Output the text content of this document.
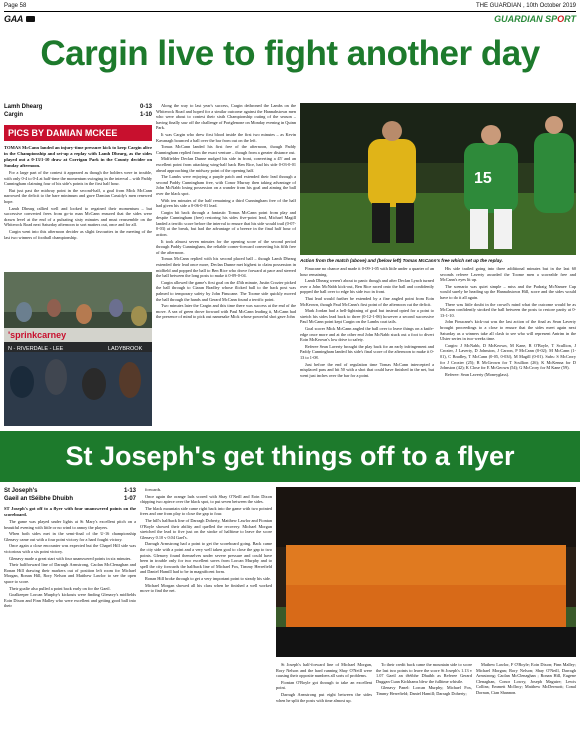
Page 58	THE GUARDIAN , 10th October 2019
GAA	GUARDIAN SPORT
Cargin live to fight another day
Lamh Dhearg	0-13
Cargin	1-10
PICS BY DAMIAN MCKEE
TOMAS McCann landed an injury-time pressure kick to keep Cargin alive in the Championship and set-up a replay with Lamh Dhearg, as the sides played out a 0-13/1-10 draw at Corrigan Park in the County decider on Sunday afternoon.

For a large part of the contest it appeared as though the holders were in trouble, with only 0-4 to 0-4 at half-time the momentum swinging in the interval – with Paddy Cunningham claiming four of his side's points in the first half hour.

But just past the midway point in the second-half, a goal from Mick McCann narrowed the deficit to the bare minimum and gave Damian Cassidy's men renewed hope.

Lamh Dhearg rallied well and looked to regained their momentum – but successive converted frees from go-to man McCann ensured that the sides were drawn level at the end of a pulsating sixty minutes and must reassemble on the Whiterock Road next Saturday afternoon to sort matters out, once and for all.

Cargin went into this afternoon decider as slight favourites in the meeting of the last two winners of football championship.

'sprinkcarney
N - RIVERDALE - LEE	LADYBROOK

Along the way to last year's success, Cargin dethroned the Lambs on the Whiterock Road and hoped for a similar outcome against the Hannahstown men who were about to contest their sixth Championship outing of the season – having finally saw off the challenge of Portglenone on Monday evening in Quinn Park.

It was Cargin who drew first blood inside the first two minutes – as Kevin Kavanagh bounced a ball over the bar from out on the left.

Tomas McCann landed his first free of the afternoon, though Paddy Cunningham replied from the exact venture – though from a greater distance out.

Midfielder Declan Dunne nudged his side in front, converting a 45' and an excellent point from attacking wing-half back Ben Rice, had his side 0-03-0-01 ahead approaching the midway point of the opening half.

The Lambs were enjoying a purple patch and extended their lead through a second Paddy Cunningham free, with Conor Murray then taking advantage of John McNabb losing possession on a wander from his goal and aiming the ball over the black spot.

With ten minutes of the half remaining a third Cunningham free of the half had given his side a 0-06-0-01 lead.

Cargin hit back through a fantastic Tomas McCann point from play and despite Cunningham (free) restoring his sides five-point lead, Michael Magill landed a terrific score before the interval to ensure that his side would trail (0-07-0-03) at the break, but had the advantage of a breeze in the final half hour of action.

It took almost seven minutes for the opening score of the second period through Paddy Cunningham, the reliable corner-forward converting his fifth free of the afternoon.

Tomas McCann replied with his second placed ball – though Lamh Dhearg extended their lead once more, Declan Dunne met highest to claim possession in midfield and popped the ball to Ben Rice who drove forward at pace and steered the ball between the long posts to make it 0-09-0-04.

Cargin allowed the game's first goal on the 45th minute, Justin Crozier picked the ball through to Ciaran Bradley whose flicked ball to the back post was palmed to temporary safety by John Finucane. The Toome side quickly moved the ball through the hands and Gerard McCann found a terrific point.

Two minutes later the Cargin and this time there was success at the end of the move. A sea of green drove forward with Paul McCann leading it, McCann had the presence of mind to pick out namesake Mick whose powerful shot gave John

15
Action from the match (above) and (below left) Tomas McCann's free which set up the replay.

Finucane no chance and made it 0-09-1-05 with little under a quarter of an hour remaining.

Lamh Dhearg weren't about to panic though and after Declan Lynch turned over a John McNabb kick-out, Ben Rice raced onto the ball and confidently popped the ball over to edge his side two in front.

That lead would further be extended by a fine angled point from Eoin McKeown, though Paul McCann's first point of the afternoon cut the deficit.

Mark Jordan had a hell-lightning of goal but instead opted for a point to stretch his sides lead back to three (0-12-1-06) however a second successive Paul McCann point kept Cargin on the Lambs coat tails.

Goal scorer Mick McCann angled the ball over to leave things on a knife-edge once more and at the other end John McNabb stuck out a foot to divert Eoin McKeown's low drive to safety.

Referee Sean Laverty brought the play back for an early infringement and Paddy Cunningham landed his side's final score of the afternoon to make it 0-13 to 1-08.

Just before the end of regulation time Tomas McCann intercepted a misplaced pass and hit 50 with a shot that could have finished in the net, but went just inches over the bar for a point.

His side trailed going into three additional minutes but in the last 60 seconds referee Laverty awarded the Toome men a scoreable free and McCann's eyes lit up.

The scenario was quiet simple – miss and the Padraig McNamee Cup would surely be heading up the Hannahstown Hill, score and the sides would have to do it all again.

There was little doubt in the crowd's mind what the outcome would be as McCann confidently stroked the ball between the posts to restore parity at 0-13-1-10.

John Finucane's kick-out was the last action of the final as Sean Laverty brought proceedings to a close to ensure that the sides meet again next Saturday as a winners take all clash to see who will represent Antrim in the Ulster series in two-weeks time.

Cargin: J McNabb, D McKeown, M Kane, R O'Boyle, T Scullion, J Crozier, J Laverty, D Johnston, J Carron, P McCann (0-02); M McCann (1-01), C Bradley, T McCann (0-05, 0-03f), M Magill (0-01). Subs: S McCrory for J Crozier (25); R McGeown for T Scullion (26); K McKenna for D Johnston (42); K Close for E McGeown (54); G McCrory for M Kane (59).

Referee: Sean Laverty (Moneyglass).

St Joseph's get things off to a flyer
St Joseph's	1-13
Gaeil an tSéibhe Dhuibh	1-07
ST Joseph's got off to a flyer with four unanswered points on the scoreboard.

The game was played under lights at St Mary's excellent pitch on a beautiful evening with little or no wind to annoy the players.

When both sides met in the semi-final of the U-16 championship Glenavy came out with a four point victory for a hard fought victory.

Once again a close encounter was expected but the Chapel Hill side was victorious with a six point victory.

Glenavy made a great start with four unanswered points in six minutes.

Their halfforward line of Darragh Armstrong, Caolan McClenaghan and Ronan Hill drawing their markers out of position left room for Michael Morgan, Ronan Hill, Rory Nelson and Matthew Lawlor to see the open space to score.

Their goalie also pulled a point back early on for the Gaeil.

Goalkeeper Lorcan Murphy's kickouts were finding Glenavy's midfields Eoin Dixon and Finn Malley who were excellent and getting good ball into their

forwards.

Once again the orange lads scored with Shay O'Neill and Eoin Dixon chipping two apiece over the black spot, to put seven between the sides.

The black mountain side came right back into the game with two pointed frees and one from play to close the gap to four.

The hill's halfback line of Darragh Doherty, Matthew Lawlor and Fiontan O'Boyle showed their ability and quelled the recovery. Michael Morgan stretched the lead to five just on the stroke of halftime to leave the score Glenavy 0.10 v 0.04 Gael's.

Darragh Armstrong had a point to get the scoreboard going. Back came the city side with a point and a very well taken goal to close the gap to two points. Glenavy found themselves under severe pressure and could have been in trouble only for two excellent saves from Lorcan Murphy and to spell the city forwards the halfback line of Michael Fox, Timmy Herrefield and Daniel Hamill had to be in magnificent form.

Ronan Hill broke through to get a very important point to steady his side.

Michael Morgan showed all his class when he finished a well worked move to find the net.

St Joseph's half-forward line of Michael Morgan, Rory Nelson and the hard running Shay O'Neill were causing their opposite numbers all sorts of problems.

Fiontan O'Boyle got through to take an excellent point.

Darragh Armstrong put eight between the sides when he split the posts with time almost up.

To their credit back came the mountain side to score the last two points to leave the score St Joseph's 1.13 v 1.07 Gaeil an tSéibhe Dhuibh as Referee Gerard Duggan Cuan Kickhams blew the fulltime whistle.

Glenavy Panel: Lorcan Murphy; Michael Fox, Timmy Herrefield; Daniel Hamill; Darragh Doherty;

Mathew Lawlor, F O'Boyle; Eoin Dixon; Finn Malley; Michael Morgan; Rory Nelson; Shay O'Neill, Darragh Armstrong; Caolan McClenaghan ; Ronan Hill, Eugene Clenaghan, Conor Lowry, Joseph Maguire; Lewis Collins; Emmett McIlroy; Matthew McDermott; Conal Dornan, Cian Shannon.
